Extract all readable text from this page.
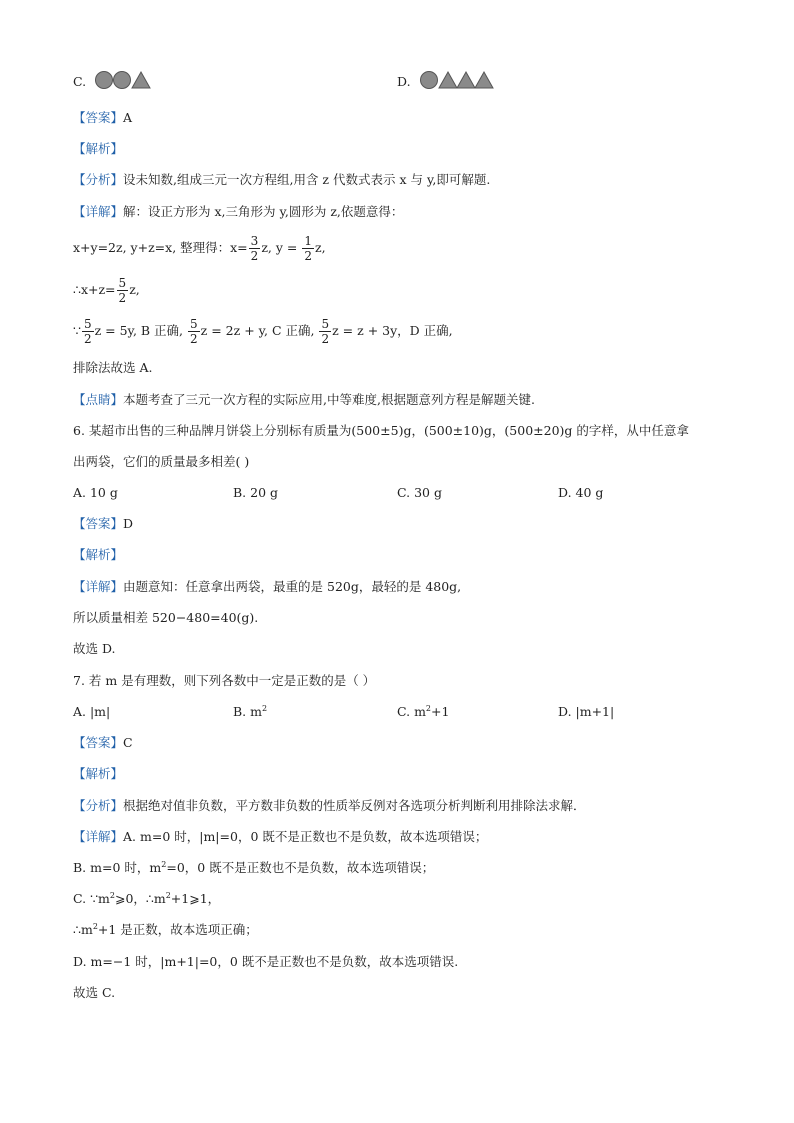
C.	D.
【答案】A
【解析】
【分析】设未知数,组成三元一次方程组,用含 z 代数式表示 x 与 y,即可解题.
【详解】解：设正方形为 x,三角形为 y,圆形为 z,依题意得：
x+y=2z, y+z=x, 整理得：$x= \frac{3}{2} z$, $y = \frac{1}{2} z$,
∴x+z= $\frac{5}{2} z$,
∵ $\frac{5}{2}$ z = 5y, B 正确, $\frac{5}{2}$ z = 2z + y, C 正确, $\frac{5}{2}$ z = z + 3y，D 正确,
排除法故选 A.
【点睛】本题考查了三元一次方程的实际应用,中等难度,根据题意列方程是解题关键.
6. 某超市出售的三种品牌月饼袋上分别标有质量为(500±5)g，(500±10)g，(500±20)g 的字样，从中任意拿
出两袋，它们的质量最多相差( )
A. 10 g	B. 20 g	C. 30 g	D. 40 g
【答案】D
【解析】
【详解】由题意知：任意拿出两袋，最重的是 520g，最轻的是 480g,
所以质量相差 520−480=40(g).
故选 D.
7. 若 m 是有理数，则下列各数中一定是正数的是（ ）
A. |m|	B. $m^2$	C. $m^2+1$	D. |m+1|
【答案】C
【解析】
【分析】根据绝对值非负数，平方数非负数的性质举反例对各选项分析判断利用排除法求解．
【详解】A. m=0 时，|m|=0，0 既不是正数也不是负数，故本选项错误；
B. m=0 时，$m^2=0$，0 既不是正数也不是负数，故本选项错误；
C. $\because m^2⩾0$，$\therefore m^2+1⩾1$，
$\therefore m^2+1$ 是正数，故本选项正确；
D. m=−1 时，|m+1|=0，0 既不是正数也不是负数，故本选项错误.
故选 C.
